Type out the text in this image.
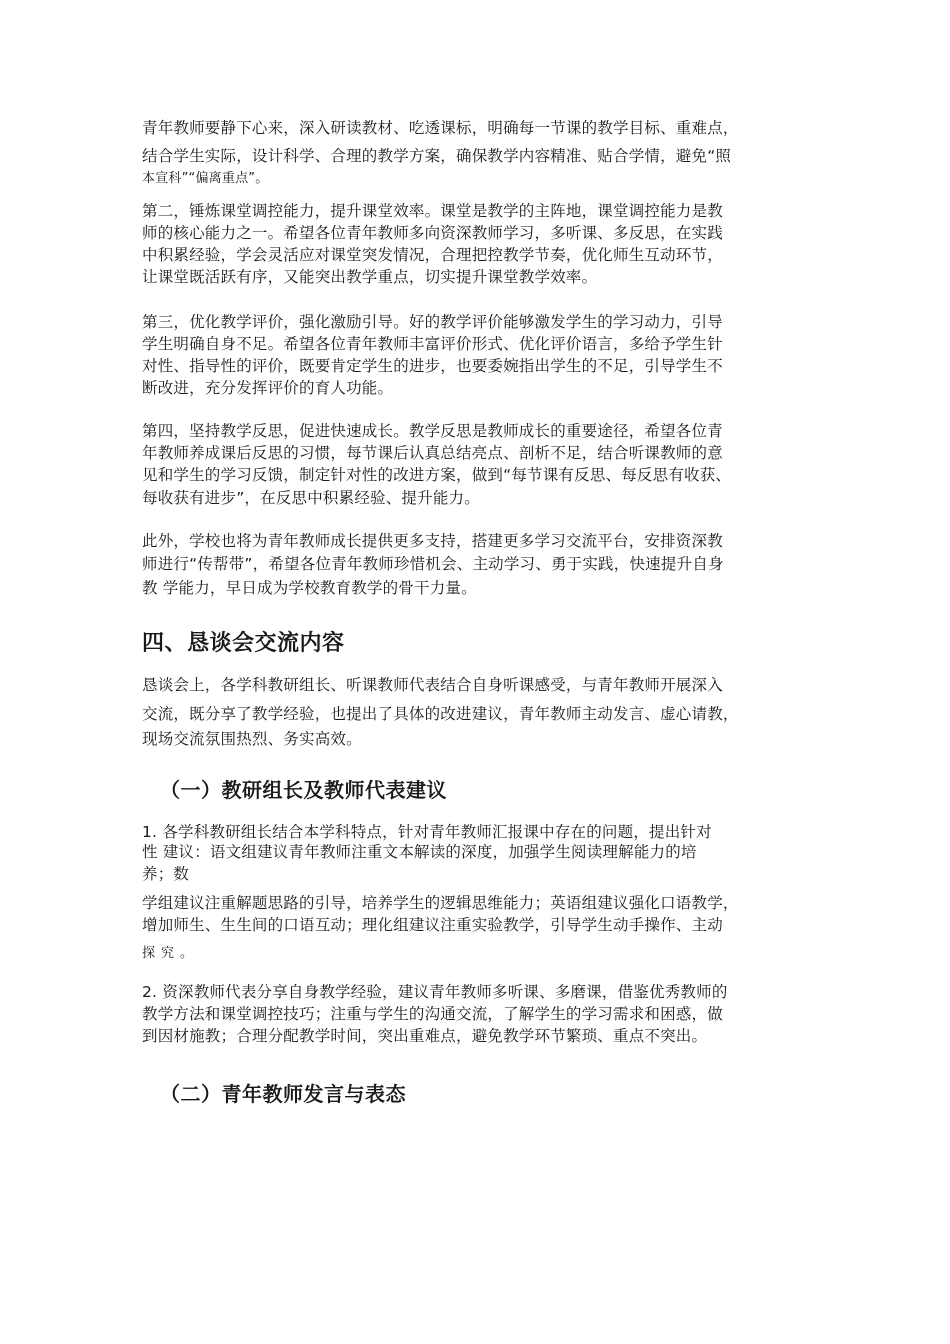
青年教师要静下心来，深入研读教材、吃透课标，明确每一节课的教学目标、重难点，

结合学生实际，设计科学、合理的教学方案，确保教学内容精准、贴合学情，避免“照

本宣科”“偏离重点”。

第二，锤炼课堂调控能力，提升课堂效率。课堂是教学的主阵地，课堂调控能力是教

师的核心能力之一。希望各位青年教师多向资深教师学习，多听课、多反思，在实践

中积累经验，学会灵活应对课堂突发情况，合理把控教学节奏，优化师生互动环节，

让课堂既活跃有序，又能突出教学重点，切实提升课堂教学效率。

第三，优化教学评价，强化激励引导。好的教学评价能够激发学生的学习动力，引导

学生明确自身不足。希望各位青年教师丰富评价形式、优化评价语言，多给予学生针

对性、指导性的评价，既要肯定学生的进步，也要委婉指出学生的不足，引导学生不

断改进，充分发挥评价的育人功能。

第四，坚持教学反思，促进快速成长。教学反思是教师成长的重要途径，希望各位青

年教师养成课后反思的习惯，每节课后认真总结亮点、剖析不足，结合听课教师的意

见和学生的学习反馈，制定针对性的改进方案，做到“每节课有反思、每反思有收获、

每收获有进步”，在反思中积累经验、提升能力。

此外，学校也将为青年教师成长提供更多支持，搭建更多学习交流平台，安排资深教

师进行“传帮带”，希望各位青年教师珍惜机会、主动学习、勇于实践，快速提升自身

教 学能力，早日成为学校教育教学的骨干力量。

四、恳谈会交流内容

恳谈会上，各学科教研组长、听课教师代表结合自身听课感受，与青年教师开展深入

交流，既分享了教学经验，也提出了具体的改进建议，青年教师主动发言、虚心请教，

现场交流氛围热烈、务实高效。

（一）教研组长及教师代表建议

1. 各学科教研组长结合本学科特点，针对青年教师汇报课中存在的问题，提出针对

性 建议：语文组建议青年教师注重文本解读的深度，加强学生阅读理解能力的培

养；数

学组建议注重解题思路的引导，培养学生的逻辑思维能力；英语组建议强化口语教学，

增加师生、生生间的口语互动；理化组建议注重实验教学，引导学生动手操作、主动

探究。

2. 资深教师代表分享自身教学经验，建议青年教师多听课、多磨课，借鉴优秀教师的

教学方法和课堂调控技巧；注重与学生的沟通交流，了解学生的学习需求和困惑，做

到因材施教；合理分配教学时间，突出重难点，避免教学环节繁琐、重点不突出。

（二）青年教师发言与表态
